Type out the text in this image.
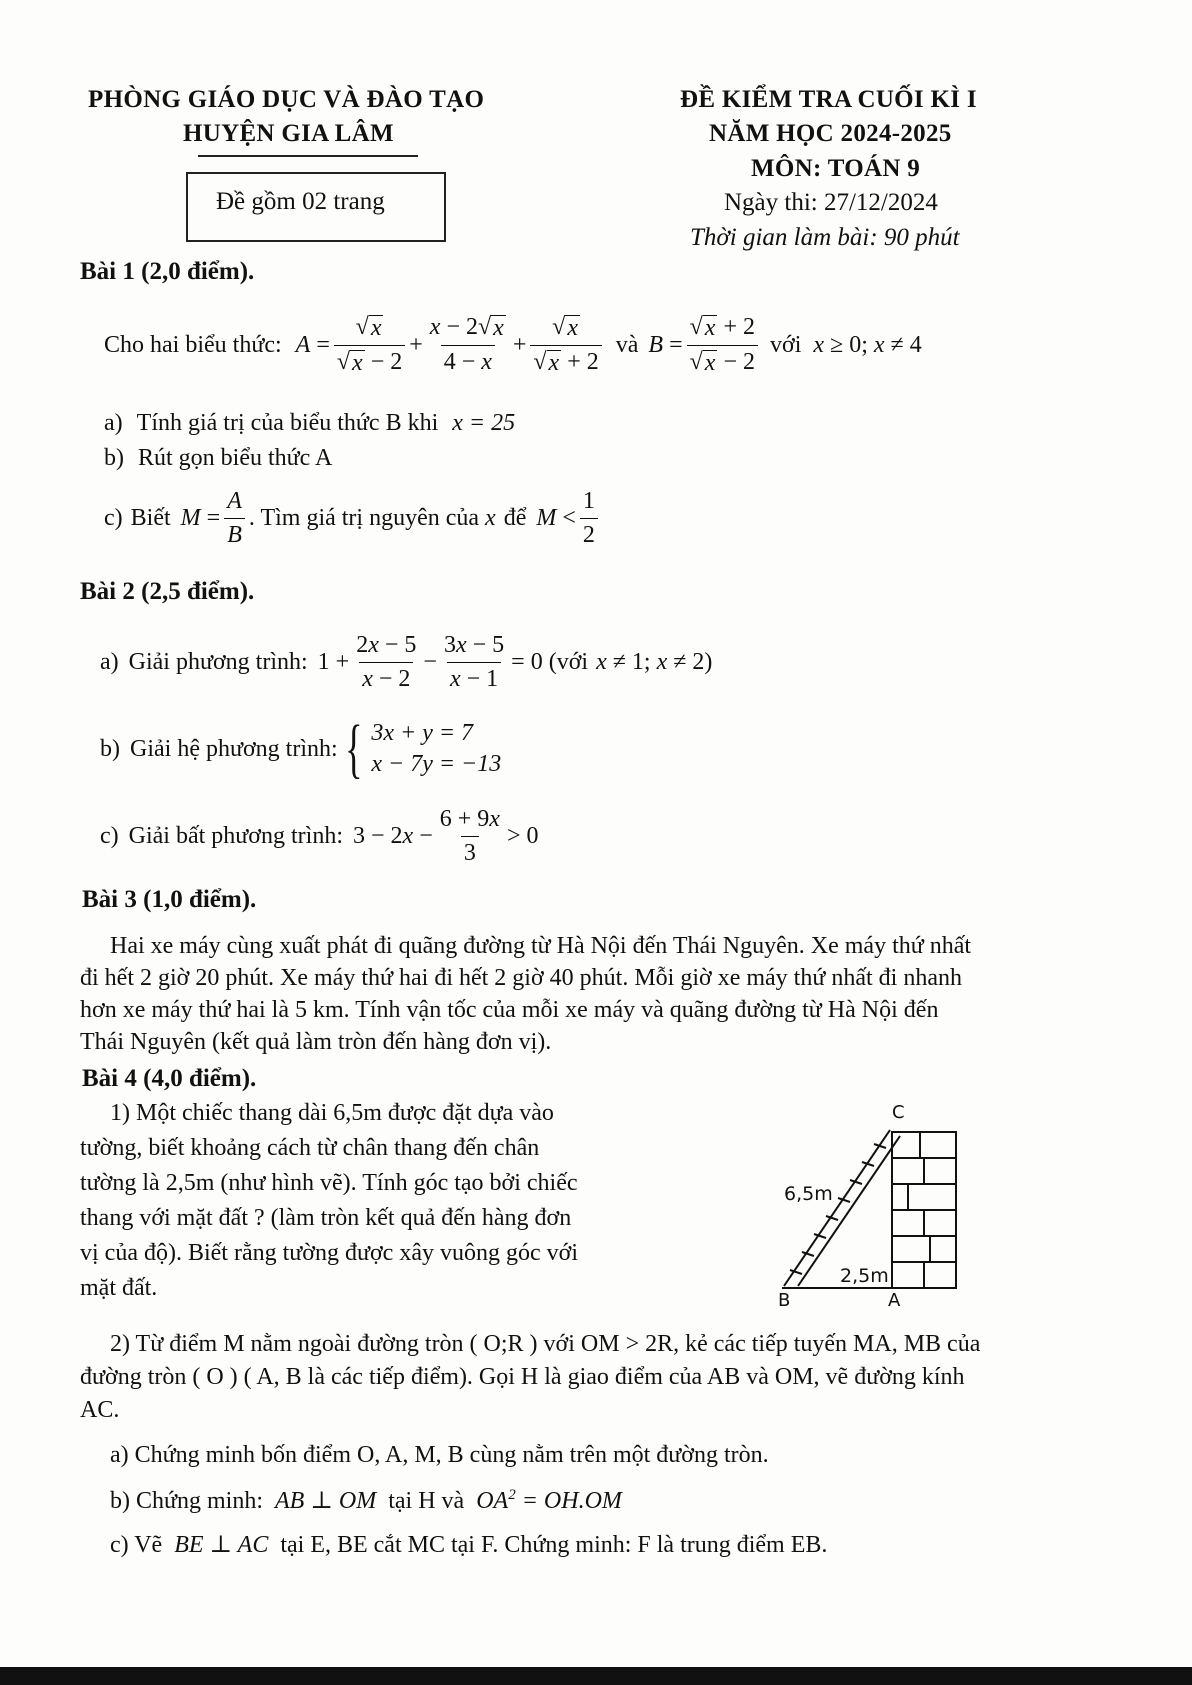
PHÒNG GIÁO DỤC VÀ ĐÀO TẠO
HUYỆN GIA LÂM
Đề gồm 02 trang
ĐỀ KIỂM TRA CUỐI KÌ I
NĂM HỌC 2024-2025
MÔN: TOÁN 9
Ngày thi: 27/12/2024
Thời gian làm bài: 90 phút
Bài 1 (2,0 điểm).
Cho hai biểu thức: $A = \frac{√ x}{√ x - 2} + \frac{x - 2 √ x}{4 - x} + \frac{√ x}{√ x + 2}$ và $B = \frac{√ x + 2}{√ x - 2}$ với x ≥ 0; x ≠ 4
a) Tính giá trị của biểu thức B khi x = 25
b) Rút gọn biểu thức A
c) Biết $M = \frac{A}{B}$ . Tìm giá trị nguyên của x để $M < \frac{1}{2}$
Bài 2 (2,5 điểm).
a) Giải phương trình: $1 + \frac{2x - 5}{x - 2} - \frac{3x - 5}{x - 1} = 0$ (với x ≠ 1; x ≠ 2)
b) Giải hệ phương trình: { 3x + y = 7
x − 7y = −13
c) Giải bất phương trình: $3 - 2x - \frac{6 + 9x}{3} > 0$
Bài 3 (1,0 điểm).
Hai xe máy cùng xuất phát đi quãng đường từ Hà Nội đến Thái Nguyên. Xe máy thứ nhất
đi hết 2 giờ 20 phút. Xe máy thứ hai đi hết 2 giờ 40 phút. Mỗi giờ xe máy thứ nhất đi nhanh
hơn xe máy thứ hai là 5 km. Tính vận tốc của mỗi xe máy và quãng đường từ Hà Nội đến
Thái Nguyên (kết quả làm tròn đến hàng đơn vị).
Bài 4 (4,0 điểm).
1) Một chiếc thang dài 6,5m được đặt dựa vào
tường, biết khoảng cách từ chân thang đến chân
tường là 2,5m (như hình vẽ). Tính góc tạo bởi chiếc
thang với mặt đất ? (làm tròn kết quả đến hàng đơn
vị của độ). Biết rằng tường được xây vuông góc với
mặt đất.
C
6,5m
2,5m
B	A
2) Từ điểm M nằm ngoài đường tròn ( O;R ) với OM > 2R, kẻ các tiếp tuyến MA, MB của
đường tròn ( O ) ( A, B là các tiếp điểm). Gọi H là giao điểm của AB và OM, vẽ đường kính
AC.
a) Chứng minh bốn điểm O, A, M, B cùng nằm trên một đường tròn.
b) Chứng minh: AB ⊥ OM tại H và $OA^2 = OH.OM$
c) Vẽ BE ⊥ AC tại E, BE cắt MC tại F. Chứng minh: F là trung điểm EB.
